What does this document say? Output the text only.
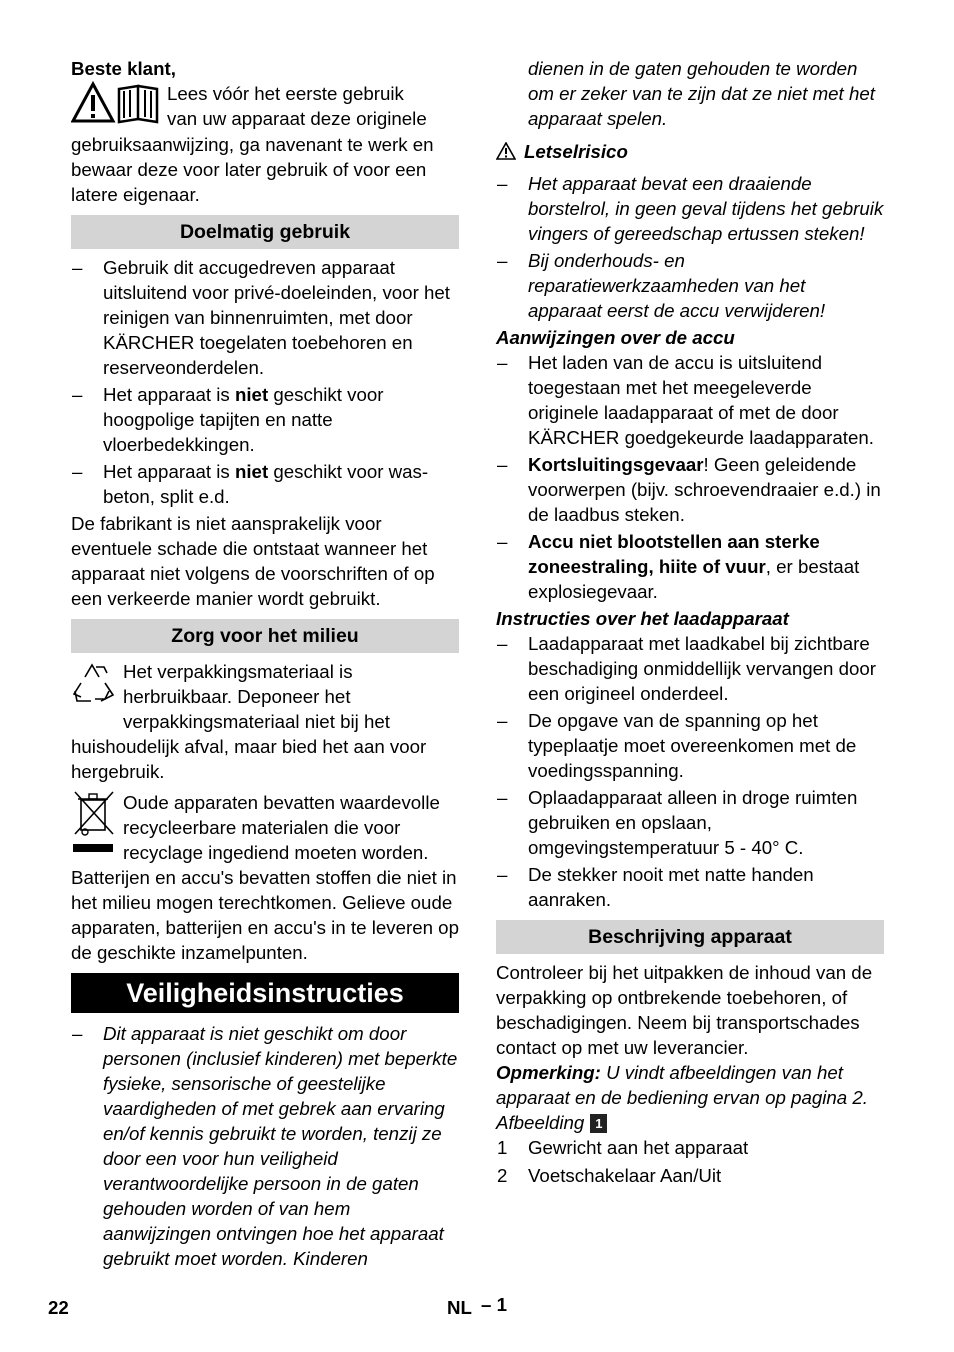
Beste klant,

Lees vóór het eerste gebruik

van uw apparaat deze originele

gebruiksaanwijzing, ga navenant te werk en bewaar deze voor later gebruik of voor een latere eigenaar.

Doelmatig gebruik
– Gebruik dit accugedreven apparaat uitsluitend voor privé-doeleinden, voor het reinigen van binnenruimten, met door KÄRCHER toegelaten toebehoren en reserveonderdelen.
– Het apparaat is niet geschikt voor hoogpolige tapijten en natte vloerbedekkingen.
– Het apparaat is niet geschikt voor was-beton, split e.d.

De fabrikant is niet aansprakelijk voor eventuele schade die ontstaat wanneer het apparaat niet volgens de voorschriften of op een verkeerde manier wordt gebruikt.

Zorg voor het milieu

Het verpakkingsmateriaal is herbruikbaar. Deponeer het verpakkingsmateriaal niet bij het huishoudelijk afval, maar bied het aan voor hergebruik.

Oude apparaten bevatten waardevolle recycleerbare materialen die voor recyclage ingediend moeten worden.

Batterijen en accu's bevatten stoffen die niet in het milieu mogen terechtkomen. Gelieve oude apparaten, batterijen en accu's in te leveren op de geschikte inzamelpunten.

Veiligheidsinstructies
– Dit apparaat is niet geschikt om door personen (inclusief kinderen) met beperkte fysieke, sensorische of geestelijke vaardigheden of met gebrek aan ervaring en/of kennis gebruikt te worden, tenzij ze door een voor hun veiligheid verantwoordelijke persoon in de gaten gehouden worden of van hem aanwijzingen ontvingen hoe het apparaat gebruikt moet worden. Kinderen

dienen in de gaten gehouden te worden om er zeker van te zijn dat ze niet met het apparaat spelen.

Letselrisico

– Het apparaat bevat een draaiende borstelrol, in geen geval tijdens het gebruik vingers of gereedschap ertussen steken!
– Bij onderhouds- en reparatiewerkzaamheden van het apparaat eerst de accu verwijderen!

Aanwijzingen over de accu

– Het laden van de accu is uitsluitend toegestaan met het meegeleverde originele laadapparaat of met de door KÄRCHER goedgekeurde laadapparaten.
– Kortsluitingsgevaar! Geen geleidende voorwerpen (bijv. schroevendraaier e.d.) in de laadbus steken.
– Accu niet blootstellen aan sterke zoneestraling, hiite of vuur, er bestaat explosiegevaar.

Instructies over het laadapparaat

– Laadapparaat met laadkabel bij zichtbare beschadiging onmiddellijk vervangen door een origineel onderdeel.
– De opgave van de spanning op het typeplaatje moet overeenkomen met de voedingsspanning.
– Oplaadapparaat alleen in droge ruimten gebruiken en opslaan, omgevingstemperatuur 5 - 40° C.
– De stekker nooit met natte handen aanraken.
Beschrijving apparaat

Controleer bij het uitpakken de inhoud van de verpakking op ontbrekende toebehoren, of beschadigingen. Neem bij transportschades contact op met uw leverancier.

Opmerking: U vindt afbeeldingen van het apparaat en de bediening ervan op pagina 2.

Afbeelding 1

1 Gewricht aan het apparaat
2 Voetschakelaar Aan/Uit
22	NL – 1
